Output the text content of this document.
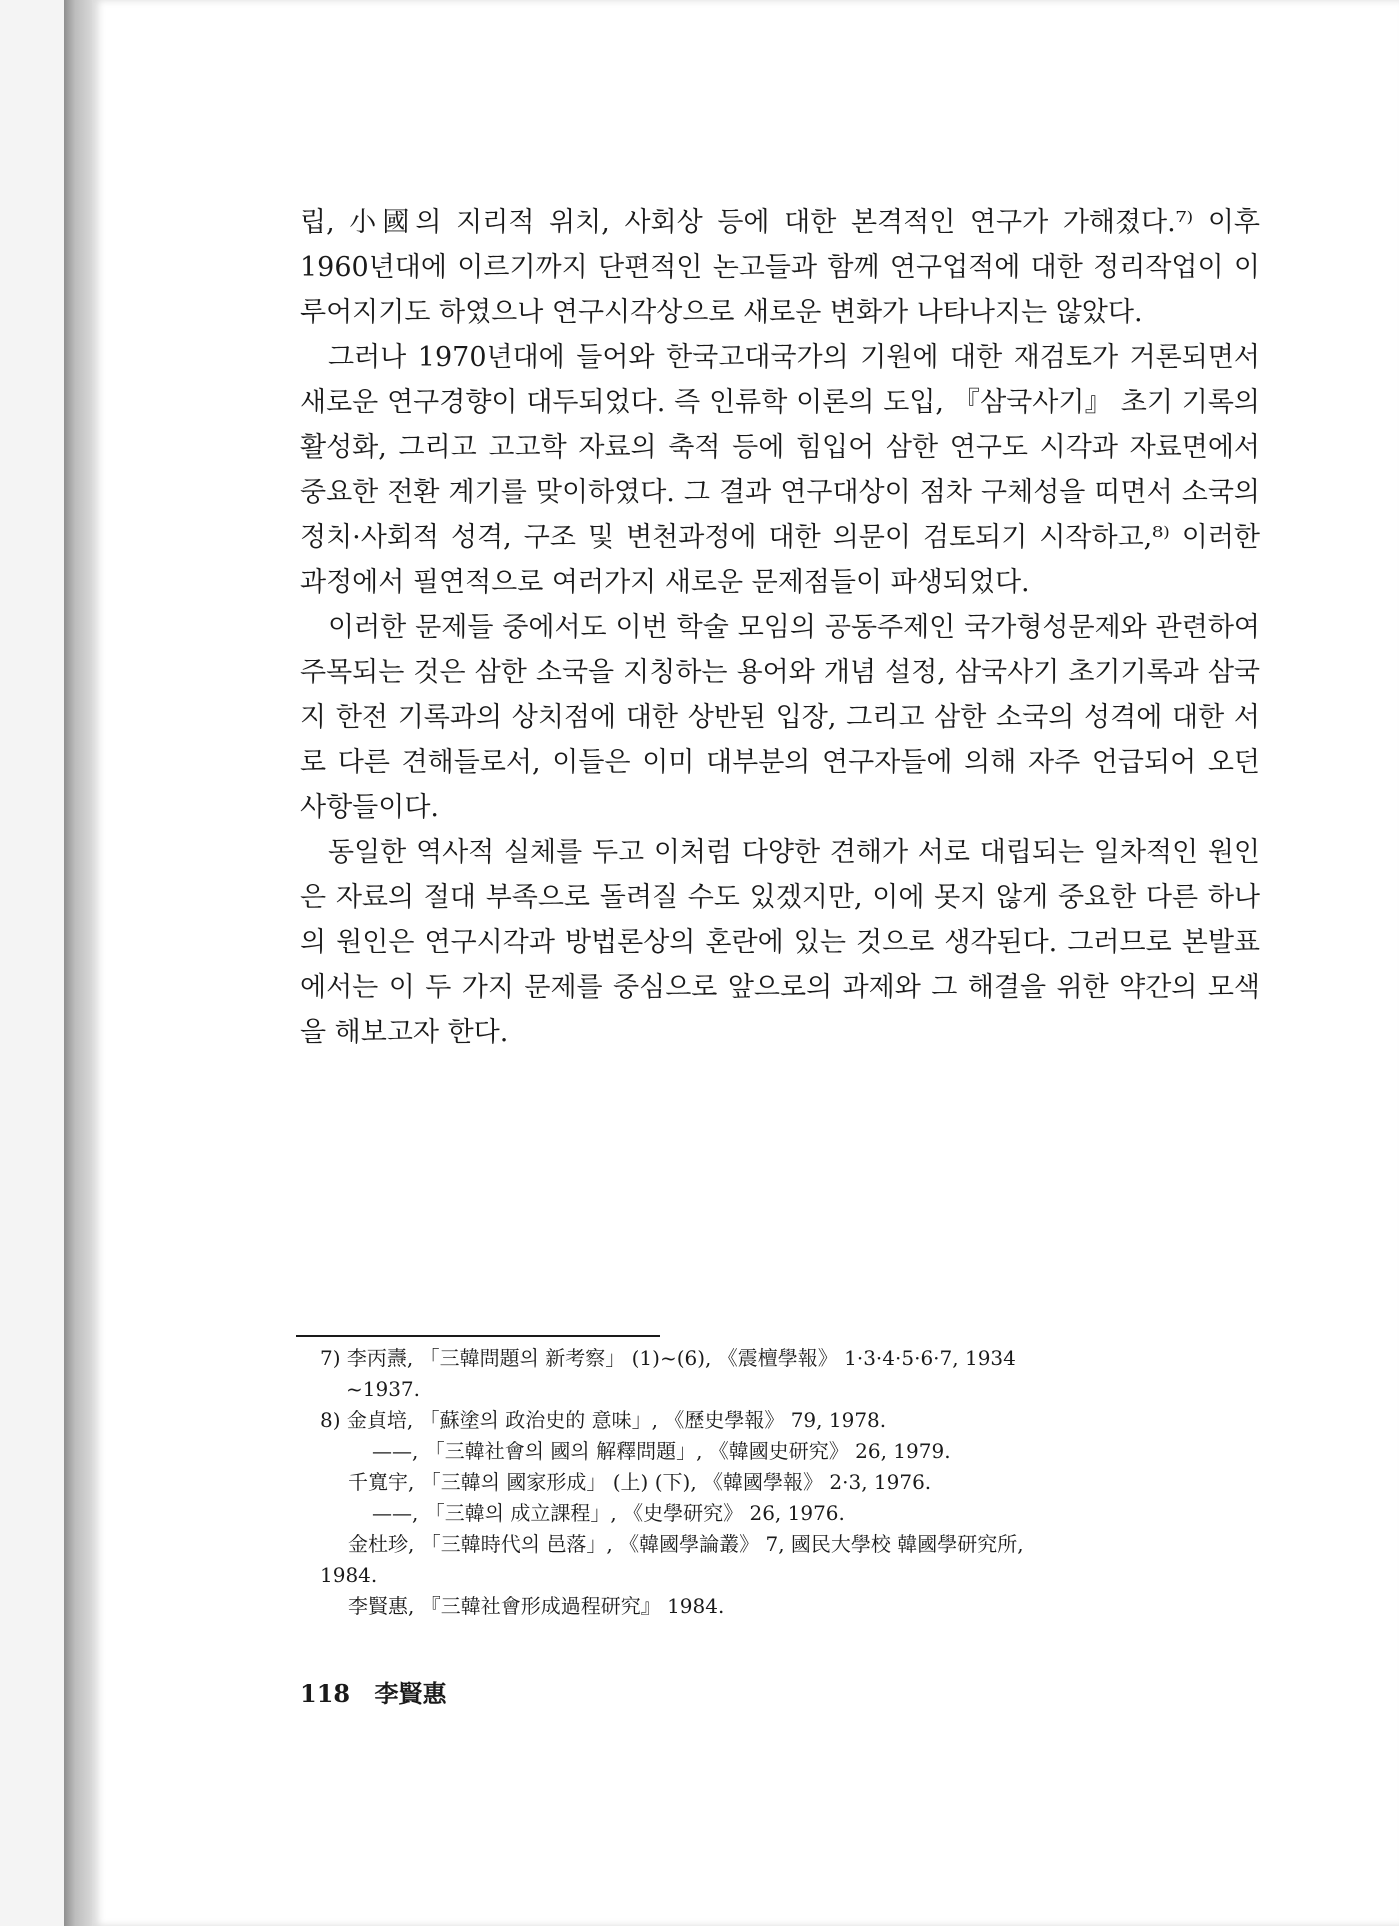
립, 小國의 지리적 위치, 사회상 등에 대한 본격적인 연구가 가해졌다.⁷⁾ 이후 1960년대에 이르기까지 단편적인 논고들과 함께 연구업적에 대한 정리작업이 이루어지기도 하였으나 연구시각상으로 새로운 변화가 나타나지는 않았다.

그러나 1970년대에 들어와 한국고대국가의 기원에 대한 재검토가 거론되면서 새로운 연구경향이 대두되었다. 즉 인류학 이론의 도입, 『삼국사기』 초기 기록의 활성화, 그리고 고고학 자료의 축적 등에 힘입어 삼한 연구도 시각과 자료면에서 중요한 전환 계기를 맞이하였다. 그 결과 연구대상이 점차 구체성을 띠면서 소국의 정치·사회적 성격, 구조 및 변천과정에 대한 의문이 검토되기 시작하고,⁸⁾ 이러한 과정에서 필연적으로 여러가지 새로운 문제점들이 파생되었다.

이러한 문제들 중에서도 이번 학술 모임의 공동주제인 국가형성문제와 관련하여 주목되는 것은 삼한 소국을 지칭하는 용어와 개념 설정, 삼국사기 초기기록과 삼국지 한전 기록과의 상치점에 대한 상반된 입장, 그리고 삼한 소국의 성격에 대한 서로 다른 견해들로서, 이들은 이미 대부분의 연구자들에 의해 자주 언급되어 오던 사항들이다.

동일한 역사적 실체를 두고 이처럼 다양한 견해가 서로 대립되는 일차적인 원인은 자료의 절대 부족으로 돌려질 수도 있겠지만, 이에 못지 않게 중요한 다른 하나의 원인은 연구시각과 방법론상의 혼란에 있는 것으로 생각된다. 그러므로 본발표에서는 이 두 가지 문제를 중심으로 앞으로의 과제와 그 해결을 위한 약간의 모색을 해보고자 한다.

7) 李丙燾, 「三韓問題의 新考察」 (1)~(6), 《震檀學報》 1·3·4·5·6·7, 1934

~1937.

8) 金貞培, 「蘇塗의 政治史的 意味」, 《歷史學報》 79, 1978.

——, 「三韓社會의 國의 解釋問題」, 《韓國史研究》 26, 1979.

千寬宇, 「三韓의 國家形成」 (上) (下), 《韓國學報》 2·3, 1976.

——, 「三韓의 成立課程」, 《史學研究》 26, 1976.

金杜珍, 「三韓時代의 邑落」, 《韓國學論叢》 7, 國民大學校 韓國學研究所,

1984.

李賢惠, 『三韓社會形成過程研究』 1984.

118 李賢惠
